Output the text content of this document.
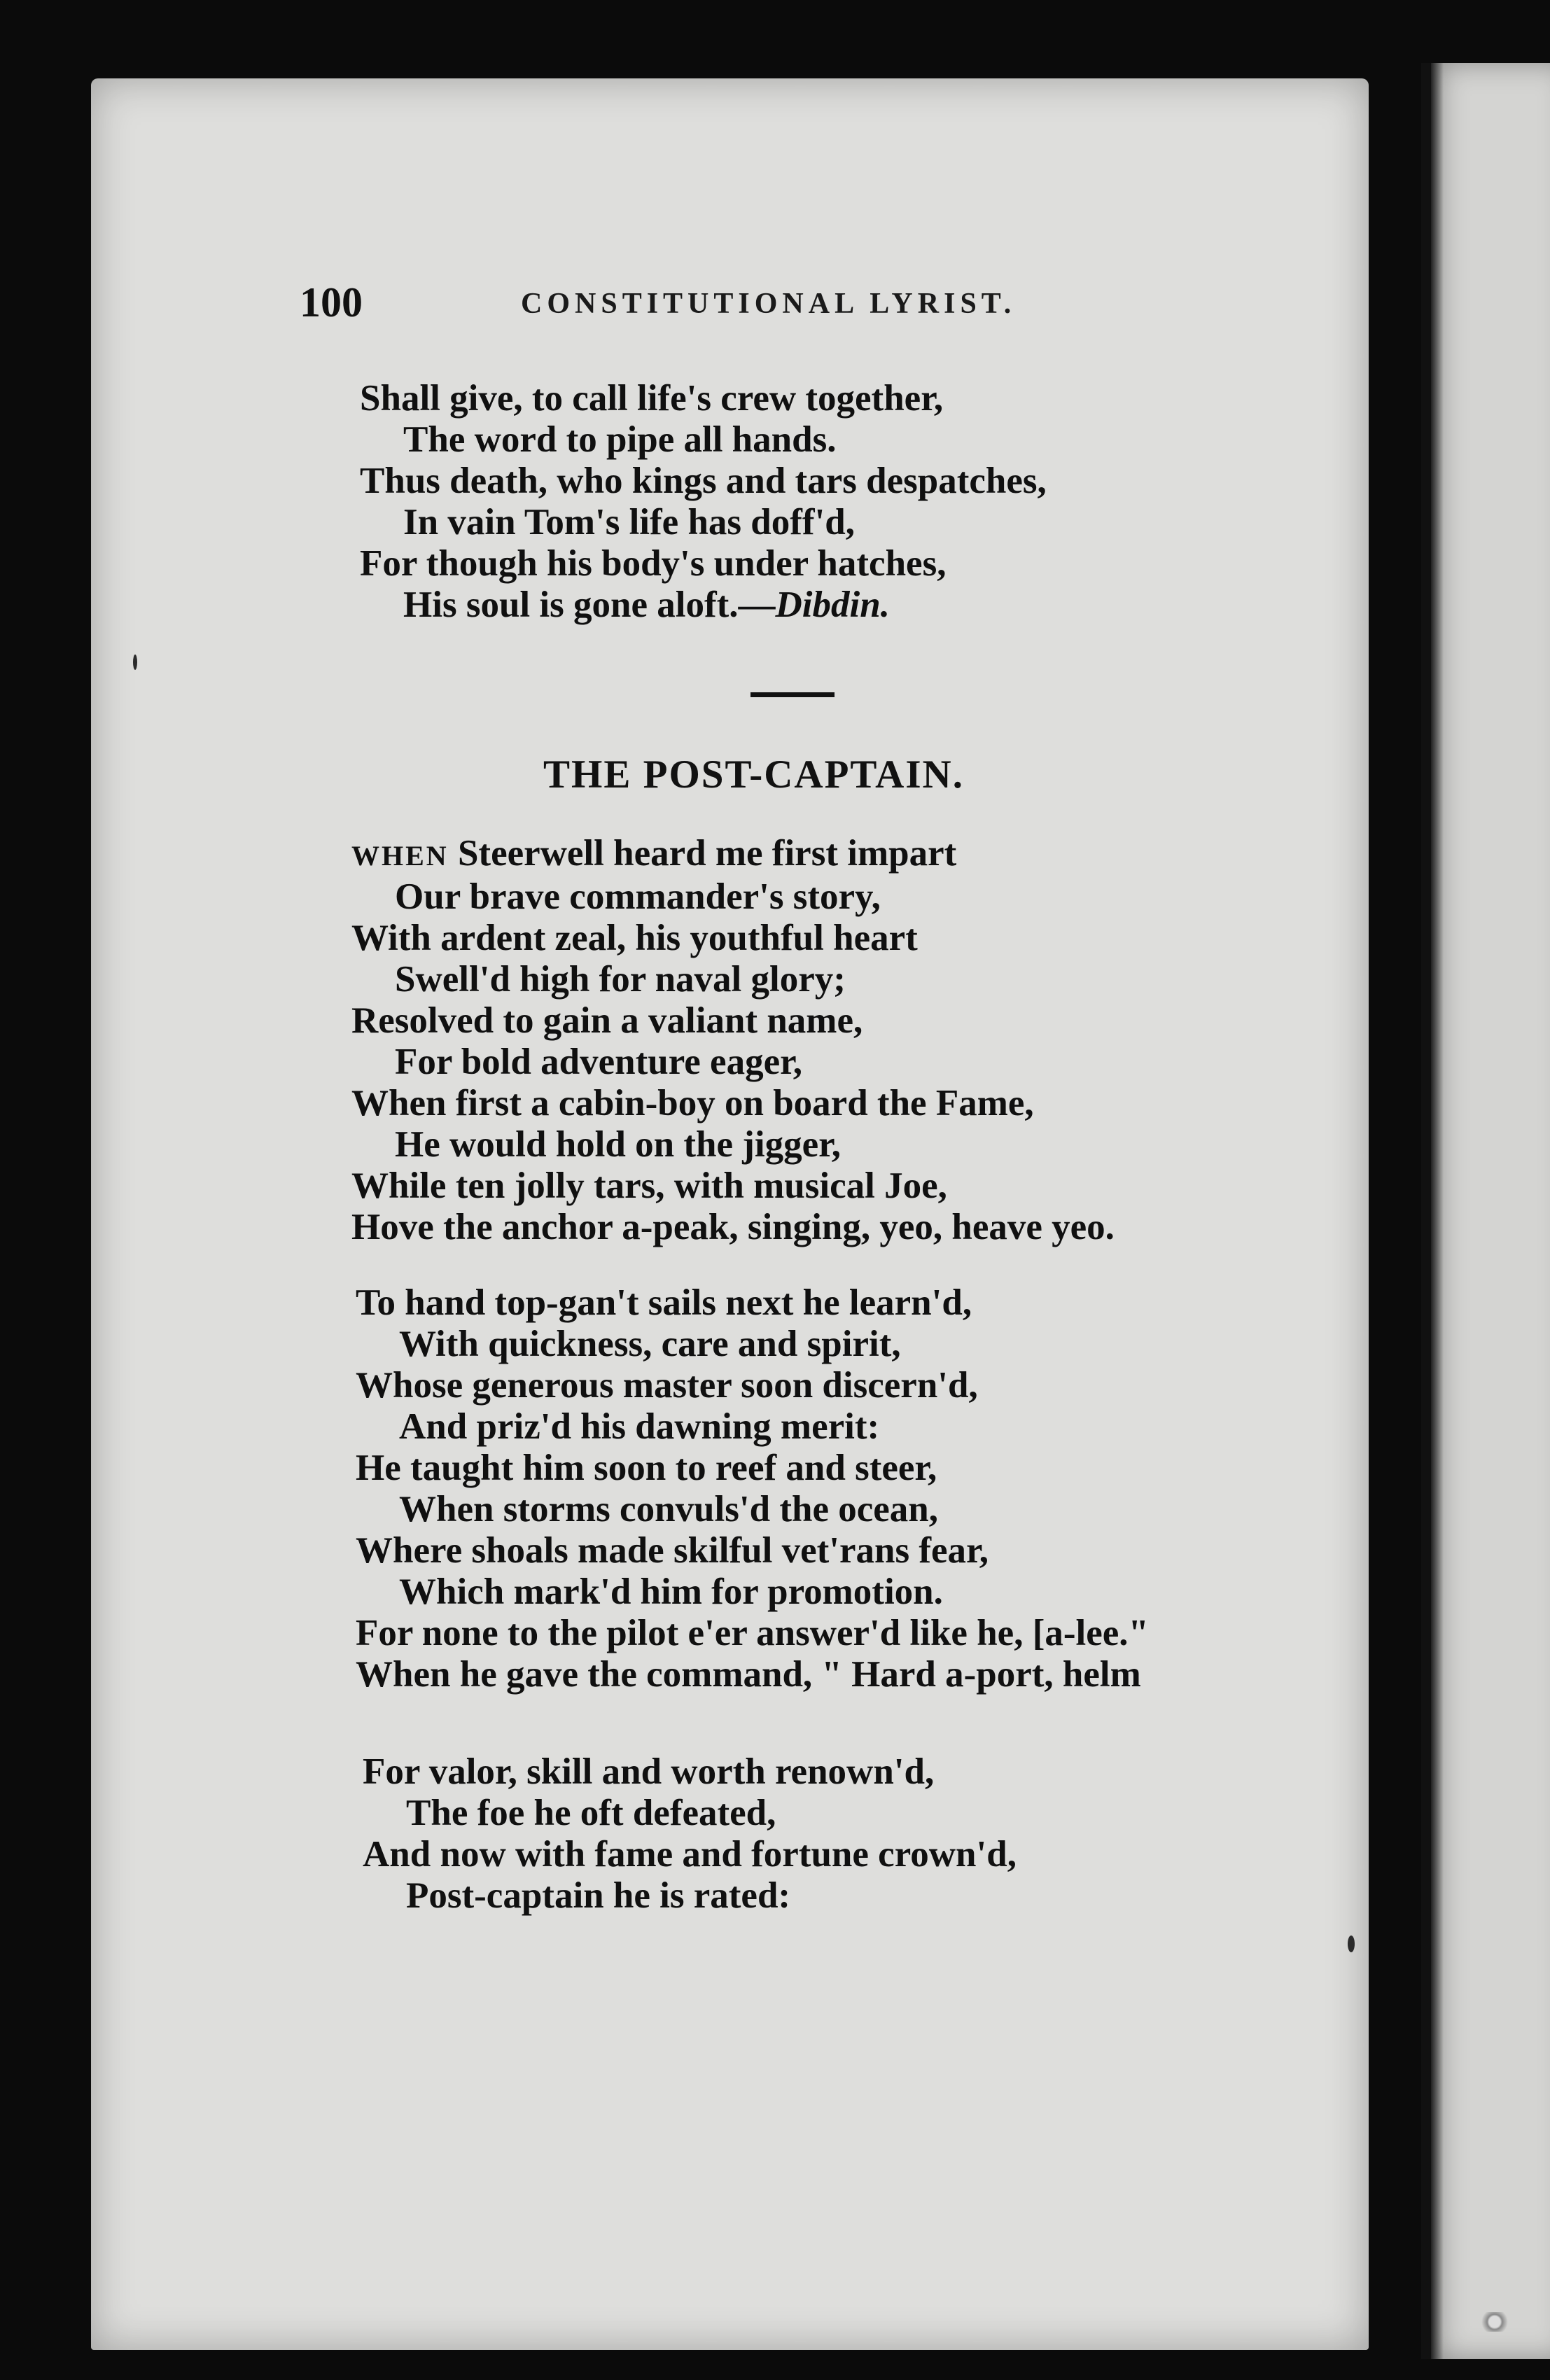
100	CONSTITUTIONAL LYRIST.
Shall give, to call life's crew together,
The word to pipe all hands.
Thus death, who kings and tars despatches,
In vain Tom's life has doff'd,
For though his body's under hatches,
His soul is gone aloft.—Dibdin.
THE POST-CAPTAIN.
WHEN Steerwell heard me first impart
Our brave commander's story,
With ardent zeal, his youthful heart
Swell'd high for naval glory;
Resolved to gain a valiant name,
For bold adventure eager,
When first a cabin-boy on board the Fame,
He would hold on the jigger,
While ten jolly tars, with musical Joe,
Hove the anchor a-peak, singing, yeo, heave yeo.
To hand top-gan't sails next he learn'd,
With quickness, care and spirit,
Whose generous master soon discern'd,
And priz'd his dawning merit:
He taught him soon to reef and steer,
When storms convuls'd the ocean,
Where shoals made skilful vet'rans fear,
Which mark'd him for promotion.
For none to the pilot e'er answer'd like he, [a-lee."
When he gave the command, " Hard a-port, helm
For valor, skill and worth renown'd,
The foe he oft defeated,
And now with fame and fortune crown'd,
Post-captain he is rated:
